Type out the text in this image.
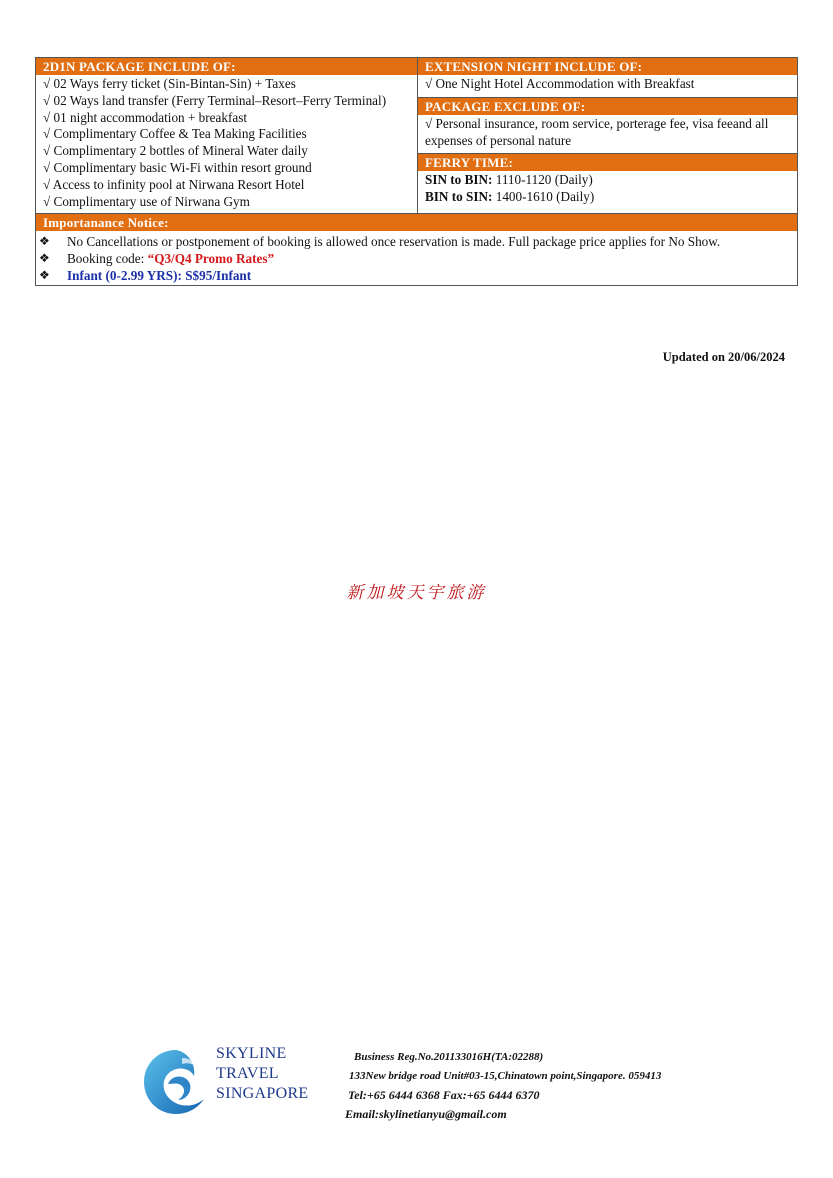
2D1N PACKAGE INCLUDE OF:
√ 02 Ways ferry ticket (Sin-Bintan-Sin) + Taxes
√ 02 Ways land transfer (Ferry Terminal–Resort–Ferry Terminal)
√ 01 night accommodation + breakfast
√ Complimentary Coffee & Tea Making Facilities
√ Complimentary 2 bottles of Mineral Water daily
√ Complimentary basic Wi-Fi within resort ground
√ Access to infinity pool at Nirwana Resort Hotel
√ Complimentary use of Nirwana Gym
EXTENSION NIGHT INCLUDE OF:
√ One Night Hotel Accommodation with Breakfast
PACKAGE EXCLUDE OF:
√ Personal insurance, room service, porterage fee, visa feeand all expenses of personal nature
FERRY TIME:
SIN to BIN: 1110-1120 (Daily)
BIN to SIN: 1400-1610 (Daily)
Importanance Notice:
❖	No Cancellations or postponement of booking is allowed once reservation is made. Full package price applies for No Show.
❖	Booking code: “Q3/Q4 Promo Rates”
❖	Infant (0-2.99 YRS): S$95/Infant
Updated on 20/06/2024
新加坡天宇旅游
SKYLINE
TRAVEL
SINGAPORE
Business Reg.No.201133016H(TA:02288)
133New bridge road Unit#03-15,Chinatown point,Singapore. 059413
Tel:+65 6444 6368 Fax:+65 6444 6370
Email:skylinetianyu@gmail.com
